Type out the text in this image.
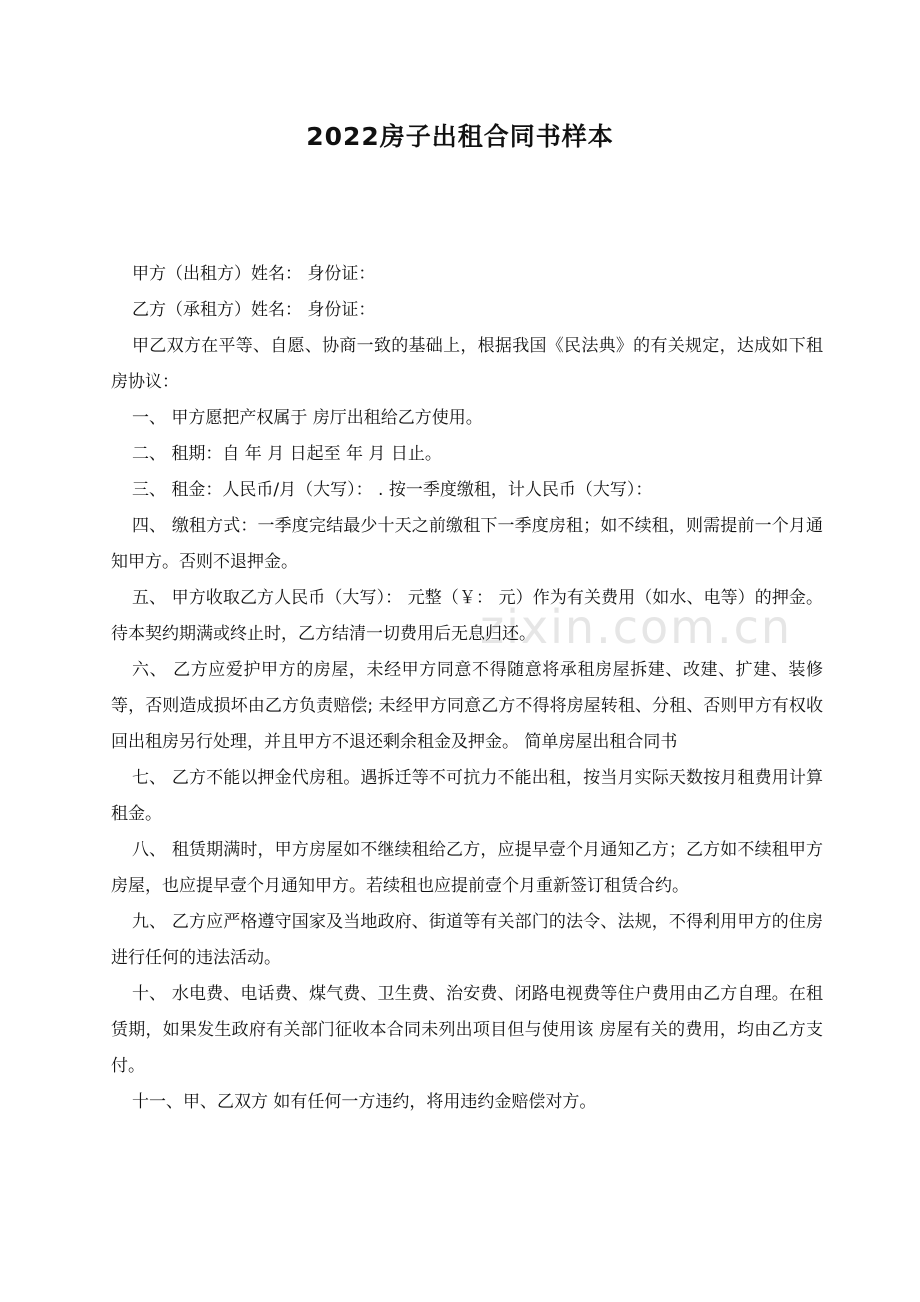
2022房子出租合同书样本
zixin.com.cn

甲方（出租方）姓名： 身份证：

乙方（承租方）姓名： 身份证：

甲乙双方在平等、自愿、协商一致的基础上，根据我国《民法典》的有关规定，达成如下租房协议：

一、 甲方愿把产权属于 房厅出租给乙方使用。

二、 租期：自 年 月 日起至 年 月 日止。

三、 租金：人民币/月（大写）： . 按一季度缴租，计人民币（大写）：

四、 缴租方式：一季度完结最少十天之前缴租下一季度房租；如不续租，则需提前一个月通知甲方。否则不退押金。

五、 甲方收取乙方人民币（大写）： 元整（￥： 元）作为有关费用（如水、电等）的押金。待本契约期满或终止时，乙方结清一切费用后无息归还。

六、 乙方应爱护甲方的房屋，未经甲方同意不得随意将承租房屋拆建、改建、扩建、装修等，否则造成损坏由乙方负责赔偿; 未经甲方同意乙方不得将房屋转租、分租、否则甲方有权收回出租房另行处理，并且甲方不退还剩余租金及押金。 简单房屋出租合同书

七、 乙方不能以押金代房租。遇拆迁等不可抗力不能出租，按当月实际天数按月租费用计算租金。

八、 租赁期满时，甲方房屋如不继续租给乙方，应提早壹个月通知乙方；乙方如不续租甲方房屋，也应提早壹个月通知甲方。若续租也应提前壹个月重新签订租赁合约。

九、 乙方应严格遵守国家及当地政府、街道等有关部门的法令、法规，不得利用甲方的住房进行任何的违法活动。

十、 水电费、电话费、煤气费、卫生费、治安费、闭路电视费等住户费用由乙方自理。在租赁期，如果发生政府有关部门征收本合同未列出项目但与使用该 房屋有关的费用，均由乙方支付。

十一、甲、乙双方 如有任何一方违约，将用违约金赔偿对方。
